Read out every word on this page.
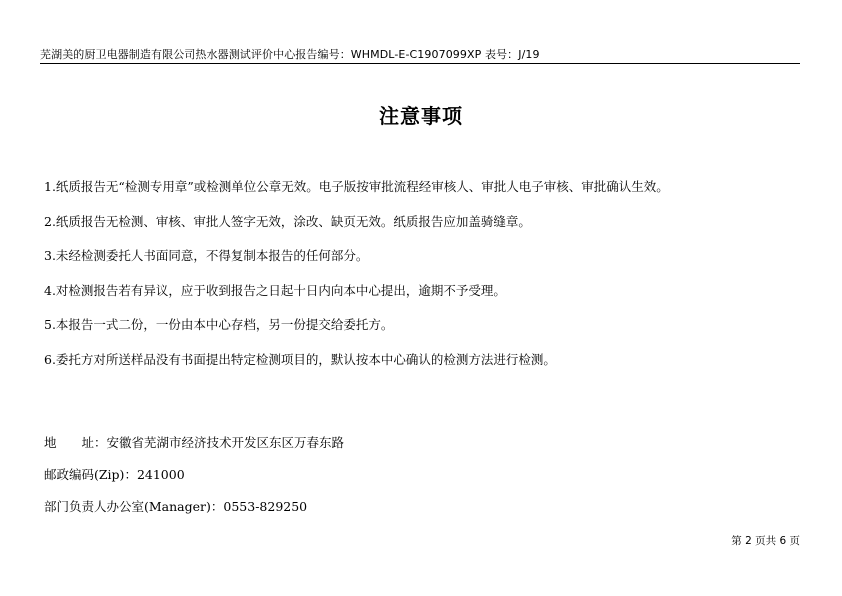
芜湖美的厨卫电器制造有限公司热水器测试评价中心报告编号：WHMDL-E-C1907099XP 表号：J/19
注意事项
1.纸质报告无“检测专用章”或检测单位公章无效。电子版按审批流程经审核人、审批人电子审核、审批确认生效。
2.纸质报告无检测、审核、审批人签字无效，涂改、缺页无效。纸质报告应加盖骑缝章。
3.未经检测委托人书面同意，不得复制本报告的任何部分。
4.对检测报告若有异议，应于收到报告之日起十日内向本中心提出，逾期不予受理。
5.本报告一式二份，一份由本中心存档，另一份提交给委托方。
6.委托方对所送样品没有书面提出特定检测项目的，默认按本中心确认的检测方法进行检测。
地　　址：安徽省芜湖市经济技术开发区东区万春东路
邮政编码(Zip)：241000
部门负责人办公室(Manager)：0553-829250
第 2 页共 6 页
